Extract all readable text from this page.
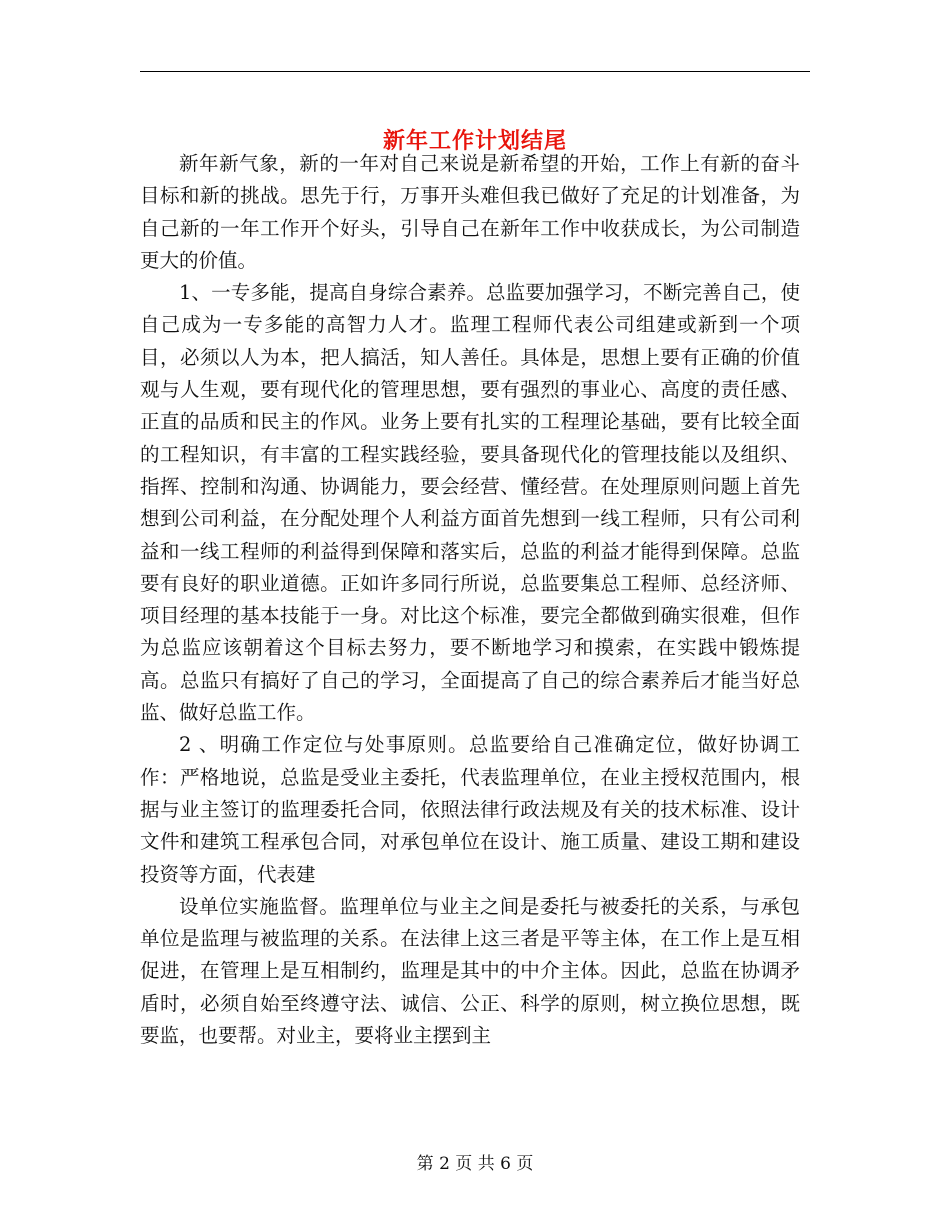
新年工作计划结尾

新年新气象，新的一年对自己来说是新希望的开始，工作上有新的奋斗目标和新的挑战。思先于行，万事开头难但我已做好了充足的计划准备，为自己新的一年工作开个好头，引导自己在新年工作中收获成长，为公司制造更大的价值。

1、一专多能，提高自身综合素养。总监要加强学习，不断完善自己，使自己成为一专多能的高智力人才。监理工程师代表公司组建或新到一个项目，必须以人为本，把人搞活，知人善任。具体是，思想上要有正确的价值观与人生观，要有现代化的管理思想，要有强烈的事业心、高度的责任感、正直的品质和民主的作风。业务上要有扎实的工程理论基础，要有比较全面的工程知识，有丰富的工程实践经验，要具备现代化的管理技能以及组织、指挥、控制和沟通、协调能力，要会经营、懂经营。在处理原则问题上首先想到公司利益，在分配处理个人利益方面首先想到一线工程师，只有公司利益和一线工程师的利益得到保障和落实后，总监的利益才能得到保障。总监要有良好的职业道德。正如许多同行所说，总监要集总工程师、总经济师、项目经理的基本技能于一身。对比这个标准，要完全都做到确实很难，但作为总监应该朝着这个目标去努力，要不断地学习和摸索，在实践中锻炼提高。总监只有搞好了自己的学习，全面提高了自己的综合素养后才能当好总监、做好总监工作。

2 、明确工作定位与处事原则。总监要给自己准确定位，做好协调工作：严格地说，总监是受业主委托，代表监理单位，在业主授权范围内，根据与业主签订的监理委托合同，依照法律行政法规及有关的技术标准、设计文件和建筑工程承包合同，对承包单位在设计、施工质量、建设工期和建设投资等方面，代表建

设单位实施监督。监理单位与业主之间是委托与被委托的关系，与承包单位是监理与被监理的关系。在法律上这三者是平等主体，在工作上是互相促进，在管理上是互相制约，监理是其中的中介主体。因此，总监在协调矛盾时，必须自始至终遵守法、诚信、公正、科学的原则，树立换位思想，既要监，也要帮。对业主，要将业主摆到主

第 2 页 共 6 页
